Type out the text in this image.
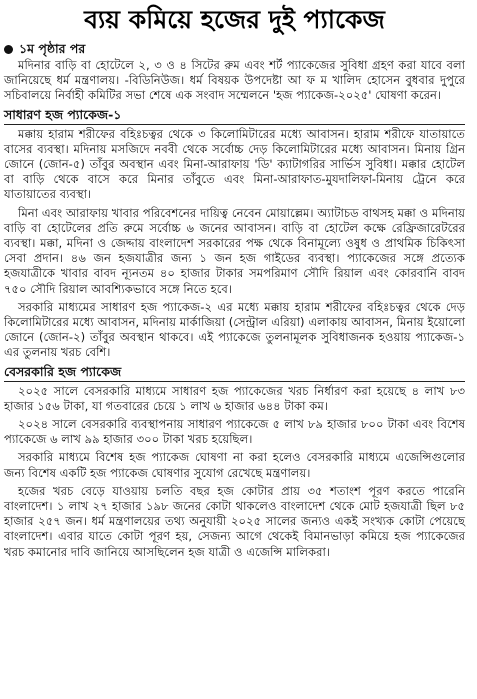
ব্যয় কমিয়ে হজের দুই প্যাকেজ
১ম পৃষ্ঠার পর

মদিনার বাড়ি বা হোটেলে ২, ৩ ও ৪ সিটের রুম এবং শর্ট প্যাকেজের সুবিধা গ্রহণ করা যাবে বলা জানিয়েছে ধর্ম মন্ত্রণালয়। -বিডিনিউজ। ধর্ম বিষয়ক উপদেষ্টা আ ফ ম খালিদ হোসেন বুধবার দুপুরে সচিবালয়ে নির্বাহী কমিটির সভা শেষে এক সংবাদ সম্মেলনে 'হজ প্যাকেজ-২০২৫' ঘোষণা করেন।

সাধারণ হজ প্যাকেজ-১

মক্কায় হারাম শরীফের বহিঃচত্বর থেকে ৩ কিলোমিটারের মধ্যে আবাসন। হারাম শরীফে যাতায়াতে বাসের ব্যবস্থা। মদিনায় মসজিদে নববী থেকে সর্বোচ্চ দেড় কিলোমিটারের মধ্যে আবাসন। মিনায় গ্রিন জোনে (জোন-৫) তাঁবুর অবস্থান এবং মিনা-আরাফায় 'ডি' ক্যাটাগরির সার্ভিস সুবিধা। মক্কার হোটেল বা বাড়ি থেকে বাসে করে মিনার তাঁবুতে এবং মিনা-আরাফাত-মুযদালিফা-মিনায় ট্রেনে করে যাতায়াতের ব্যবস্থা।

মিনা এবং আরাফায় খাবার পরিবেশনের দায়িত্ব নেবেন মোয়াল্লেম। অ্যাটাচড বাথসহ মক্কা ও মদিনায় বাড়ি বা হোটেলের প্রতি রুমে সর্বোচ্চ ৬ জনের আবাসন। বাড়ি বা হোটেল কক্ষে রেফ্রিজারেটরের ব্যবস্থা। মক্কা, মদিনা ও জেদ্দায় বাংলাদেশ সরকারের পক্ষ থেকে বিনামূল্যে ওষুধ ও প্রাথমিক চিকিৎসা সেবা প্রদান। ৪৬ জন হজযাত্রীর জন্য ১ জন হজ গাইডের ব্যবস্থা। প্যাকেজের সঙ্গে প্রত্যেক হজযাত্রীকে খাবার বাবদ ন্যূনতম ৪০ হাজার টাকার সমপরিমাণ সৌদি রিয়াল এবং কোরবানি বাবদ ৭৫০ সৌদি রিয়াল আবশ্যিকভাবে সঙ্গে নিতে হবে।

সরকারি মাধ্যমের সাধারণ হজ প্যাকেজ-২ এর মধ্যে মক্কায় হারাম শরীফের বহিঃচত্বর থেকে দেড় কিলোমিটারের মধ্যে আবাসন, মদিনায় মার্কাজিয়া (সেন্ট্রাল এরিয়া) এলাকায় আবাসন, মিনায় ইয়োলো জোনে (জোন-২) তাঁবুর অবস্থান থাকবে। এই প্যাকেজে তুলনামূলক সুবিধাজনক হওয়ায় প্যাকেজ-১ এর তুলনায় খরচ বেশি।

বেসরকারি হজ প্যাকেজ

২০২৫ সালে বেসরকারি মাধ্যমে সাধারণ হজ প্যাকেজের খরচ নির্ধারণ করা হয়েছে ৪ লাখ ৮৩ হাজার ১৫৬ টাকা, যা গতবারের চেয়ে ১ লাখ ৬ হাজার ৬৪৪ টাকা কম।

২০২৪ সালে বেসরকারি ব্যবস্থাপনায় সাধারণ প্যাকেজে ৫ লাখ ৮৯ হাজার ৮০০ টাকা এবং বিশেষ প্যাকেজে ৬ লাখ ৯৯ হাজার ৩০০ টাকা খরচ হয়েছিল।

সরকারি মাধ্যমে বিশেষ হজ প্যাকেজ ঘোষণা না করা হলেও বেসরকারি মাধ্যমে এজেন্সিগুলোর জন্য বিশেষ একটি হজ প্যাকেজ ঘোষণার সুযোগ রেখেছে মন্ত্রণালয়।

হজের খরচ বেড়ে যাওয়ায় চলতি বছর হজ কোটার প্রায় ৩৫ শতাংশ পূরণ করতে পারেনি বাংলাদেশ। ১ লাখ ২৭ হাজার ১৯৮ জনের কোটা থাকলেও বাংলাদেশ থেকে মোট হজযাত্রী ছিল ৮৫ হাজার ২৫৭ জন। ধর্ম মন্ত্রণালয়ের তথ্য অনুযায়ী ২০২৫ সালের জন্যও একই সংখ্যক কোটা পেয়েছে বাংলাদেশ। এবার যাতে কোটা পূরণ হয়, সেজন্য আগে থেকেই বিমানভাড়া কমিয়ে হজ প্যাকেজের খরচ কমানোর দাবি জানিয়ে আসছিলেন হজ যাত্রী ও এজেন্সি মালিকরা।
